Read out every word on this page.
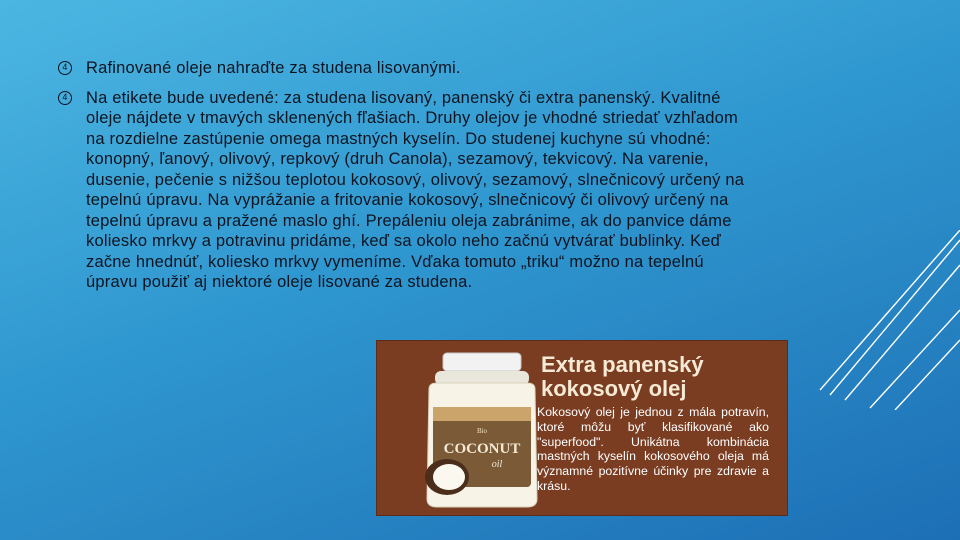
4 Rafinované oleje nahraďte za studena lisovanými.
4 Na etikete bude uvedené: za studena lisovaný, panenský či extra panenský. Kvalitné oleje nájdete v tmavých sklenených fľašiach. Druhy olejov je vhodné striedať vzhľadom na rozdielne zastúpenie omega mastných kyselín. Do studenej kuchyne sú vhodné: konopný, ľanový, olivový, repkový (druh Canola), sezamový, tekvicový. Na varenie, dusenie, pečenie s nižšou teplotou kokosový, olivový, sezamový, slnečnicový určený na tepelnú úpravu. Na vyprážanie a fritovanie kokosový, slnečnicový či olivový určený na tepelnú úpravu a pražené maslo ghí. Prepáleniu oleja zabránime, ak do panvice dáme koliesko mrkvy a potravinu pridáme, keď sa okolo neho začnú vytvárať bublinky. Keď začne hnednúť, koliesko mrkvy vymeníme. Vďaka tomuto „triku“ možno na tepelnú úpravu použiť aj niektoré oleje lisované za studena.
Bio
COCONUT
oil
Extra panenský
kokosový olej
Kokosový olej je jednou z mála potravín, ktoré môžu byť klasifikované ako "superfood". Unikátna kombinácia mastných kyselín kokosového oleja má významné pozitívne účinky pre zdravie a krásu.
